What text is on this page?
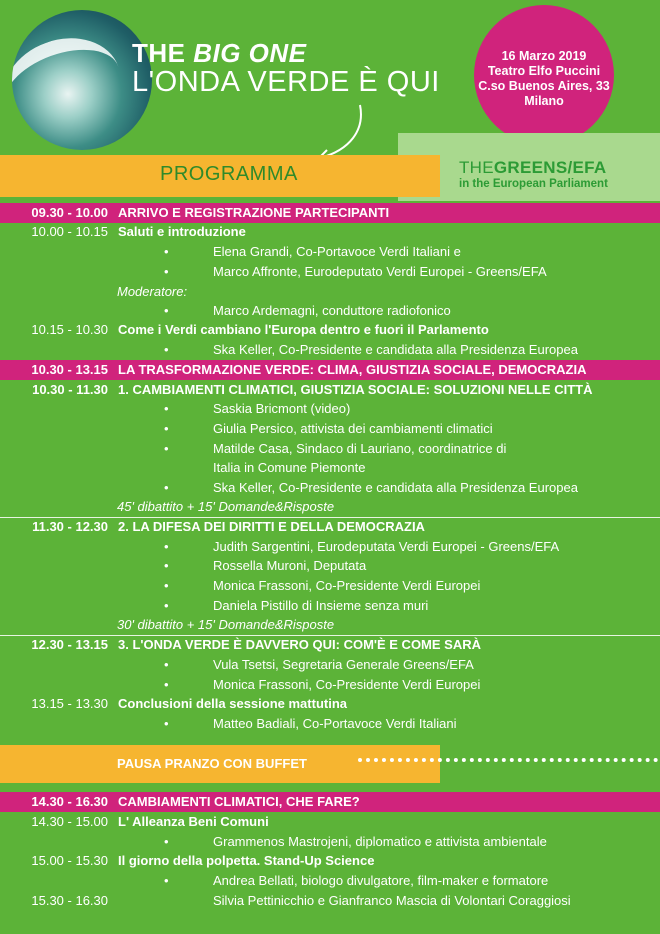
THE BIG ONE
L'ONDA VERDE È QUI
16 Marzo 2019
Teatro Elfo Puccini
C.so Buenos Aires, 33
Milano
PROGRAMMA	THEGREENS/EFA
in the European Parliament
09.30 - 10.00 ARRIVO E REGISTRAZIONE PARTECIPANTI
10.00 - 10.15 Saluti e introduzione
•	Elena Grandi, Co-Portavoce Verdi Italiani e
•	Marco Affronte, Eurodeputato Verdi Europei - Greens/EFA
Moderatore:
•	Marco Ardemagni, conduttore radiofonico
10.15 - 10.30 Come i Verdi cambiano l'Europa dentro e fuori il Parlamento
•	Ska Keller, Co-Presidente e candidata alla Presidenza Europea
10.30 - 13.15 LA TRASFORMAZIONE VERDE: CLIMA, GIUSTIZIA SOCIALE, DEMOCRAZIA
10.30 - 11.30 1. CAMBIAMENTI CLIMATICI, GIUSTIZIA SOCIALE: SOLUZIONI NELLE CITTÀ
•	Saskia Bricmont (video)
•	Giulia Persico, attivista dei cambiamenti climatici
•	Matilde Casa, Sindaco di Lauriano, coordinatrice di
Italia in Comune Piemonte
•	Ska Keller, Co-Presidente e candidata alla Presidenza Europea
45' dibattito + 15' Domande&Risposte
11.30 - 12.30 2. LA DIFESA DEI DIRITTI E DELLA DEMOCRAZIA
•	Judith Sargentini, Eurodeputata Verdi Europei - Greens/EFA
•	Rossella Muroni, Deputata
•	Monica Frassoni, Co-Presidente Verdi Europei
•	Daniela Pistillo di Insieme senza muri
30' dibattito + 15' Domande&Risposte
12.30 - 13.15 3. L'ONDA VERDE È DAVVERO QUI: COM'È E COME SARÀ
•	Vula Tsetsi, Segretaria Generale Greens/EFA
•	Monica Frassoni, Co-Presidente Verdi Europei
13.15 - 13.30 Conclusioni della sessione mattutina
•	Matteo Badiali, Co-Portavoce Verdi Italiani
PAUSA PRANZO CON BUFFET
14.30 - 16.30 CAMBIAMENTI CLIMATICI, CHE FARE?
14.30 - 15.00 L' Alleanza Beni Comuni
•	Grammenos Mastrojeni, diplomatico e attivista ambientale
15.00 - 15.30 Il giorno della polpetta. Stand-Up Science
•	Andrea Bellati, biologo divulgatore, film-maker e formatore
15.30 - 16.30	Silvia Pettinicchio e Gianfranco Mascia di Volontari Coraggiosi
